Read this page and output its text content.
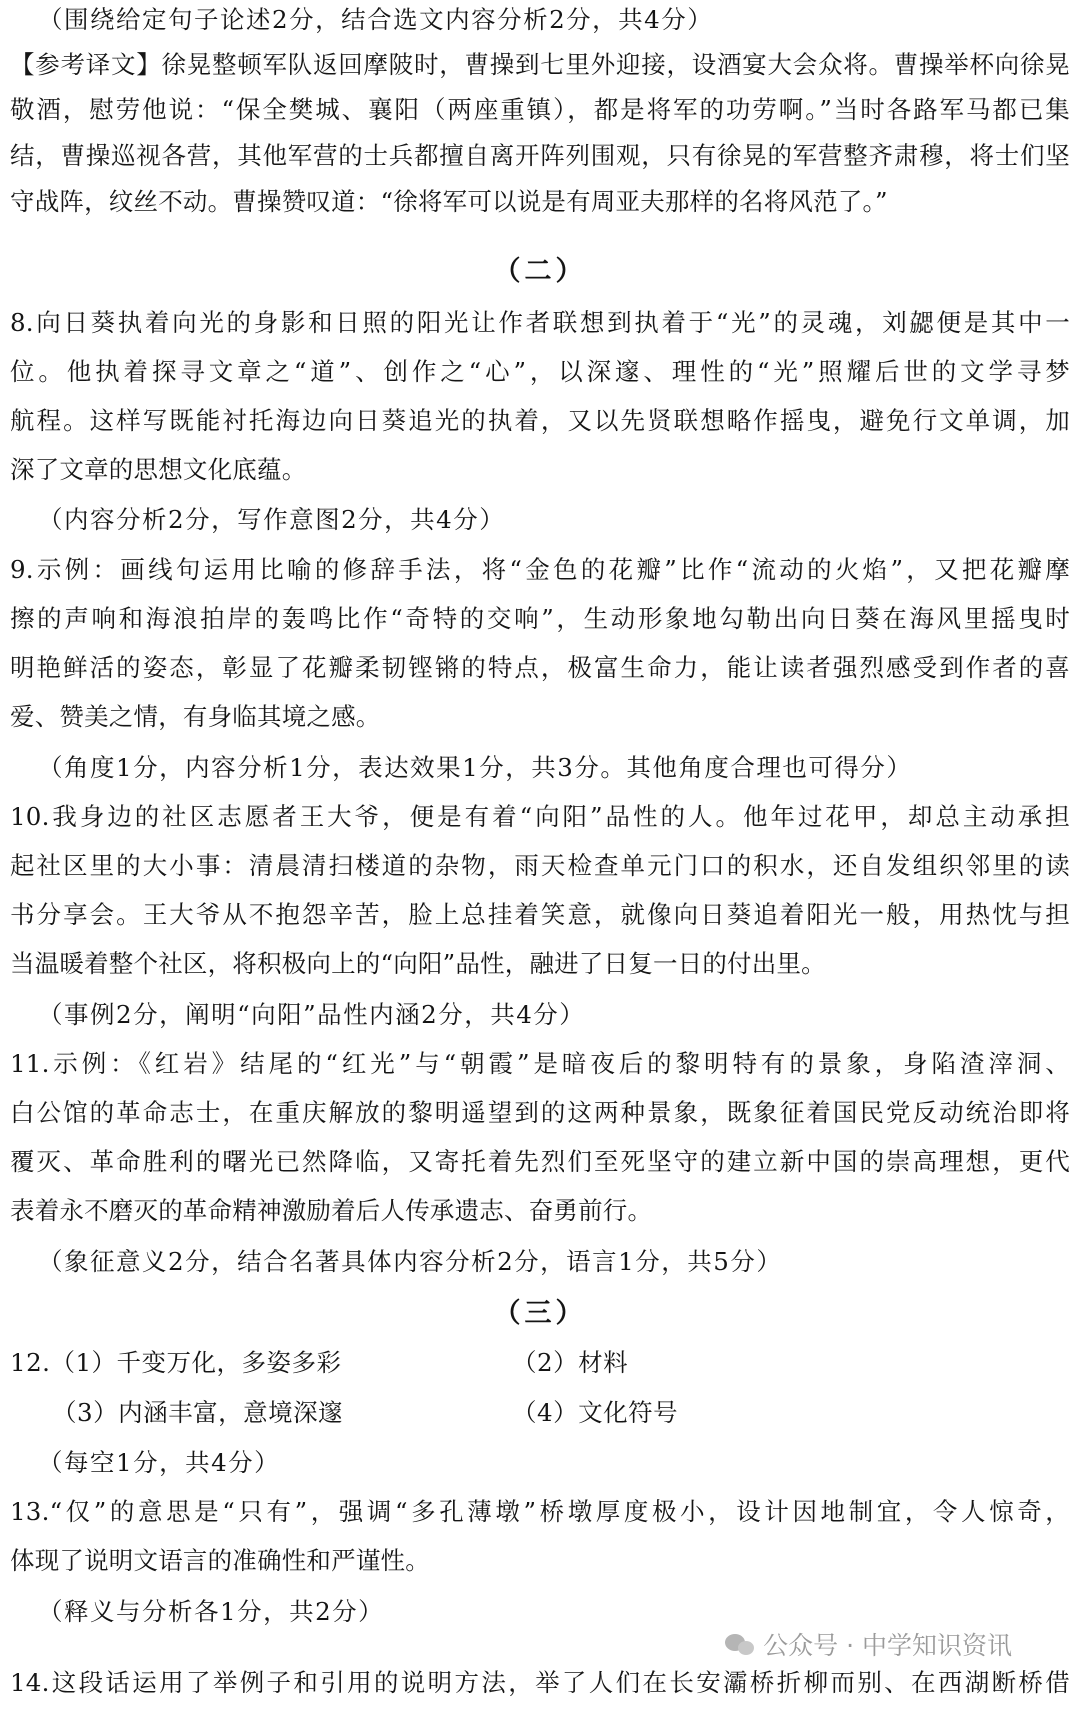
（围绕给定句子论述2分，结合选文内容分析2分，共4分）
【参考译文】徐晃整顿军队返回摩陂时，曹操到七里外迎接，设酒宴大会众将。曹操举杯向徐晃
敬酒，慰劳他说：“保全樊城、襄阳（两座重镇），都是将军的功劳啊。”当时各路军马都已集
结，曹操巡视各营，其他军营的士兵都擅自离开阵列围观，只有徐晃的军营整齐肃穆，将士们坚
守战阵，纹丝不动。曹操赞叹道：“徐将军可以说是有周亚夫那样的名将风范了。”
（二）
8.向日葵执着向光的身影和日照的阳光让作者联想到执着于“光”的灵魂，刘勰便是其中一
位。他执着探寻文章之“道”、创作之“心”，以深邃、理性的“光”照耀后世的文学寻梦
航程。这样写既能衬托海边向日葵追光的执着，又以先贤联想略作摇曳，避免行文单调，加
深了文章的思想文化底蕴。
（内容分析2分，写作意图2分，共4分）
9.示例：画线句运用比喻的修辞手法，将“金色的花瓣”比作“流动的火焰”，又把花瓣摩
擦的声响和海浪拍岸的轰鸣比作“奇特的交响”，生动形象地勾勒出向日葵在海风里摇曳时
明艳鲜活的姿态，彰显了花瓣柔韧铿锵的特点，极富生命力，能让读者强烈感受到作者的喜
爱、赞美之情，有身临其境之感。
（角度1分，内容分析1分，表达效果1分，共3分。其他角度合理也可得分）
10.我身边的社区志愿者王大爷，便是有着“向阳”品性的人。他年过花甲，却总主动承担
起社区里的大小事：清晨清扫楼道的杂物，雨天检查单元门口的积水，还自发组织邻里的读
书分享会。王大爷从不抱怨辛苦，脸上总挂着笑意，就像向日葵追着阳光一般，用热忱与担
当温暖着整个社区，将积极向上的“向阳”品性，融进了日复一日的付出里。
（事例2分，阐明“向阳”品性内涵2分，共4分）
11.示例：《红岩》结尾的“红光”与“朝霞”是暗夜后的黎明特有的景象，身陷渣滓洞、
白公馆的革命志士，在重庆解放的黎明遥望到的这两种景象，既象征着国民党反动统治即将
覆灭、革命胜利的曙光已然降临，又寄托着先烈们至死坚守的建立新中国的崇高理想，更代
表着永不磨灭的革命精神激励着后人传承遗志、奋勇前行。
（象征意义2分，结合名著具体内容分析2分，语言1分，共5分）
（三）
12.（1）千变万化，多姿多彩	（2）材料
（3）内涵丰富，意境深邃	（4）文化符号
（每空1分，共4分）
13.“仅”的意思是“只有”，强调“多孔薄墩”桥墩厚度极小，设计因地制宜，令人惊奇，
体现了说明文语言的准确性和严谨性。
（释义与分析各1分，共2分）
14.这段话运用了举例子和引用的说明方法，举了人们在长安灞桥折柳而别、在西湖断桥借
公众号 · 中学知识资讯
